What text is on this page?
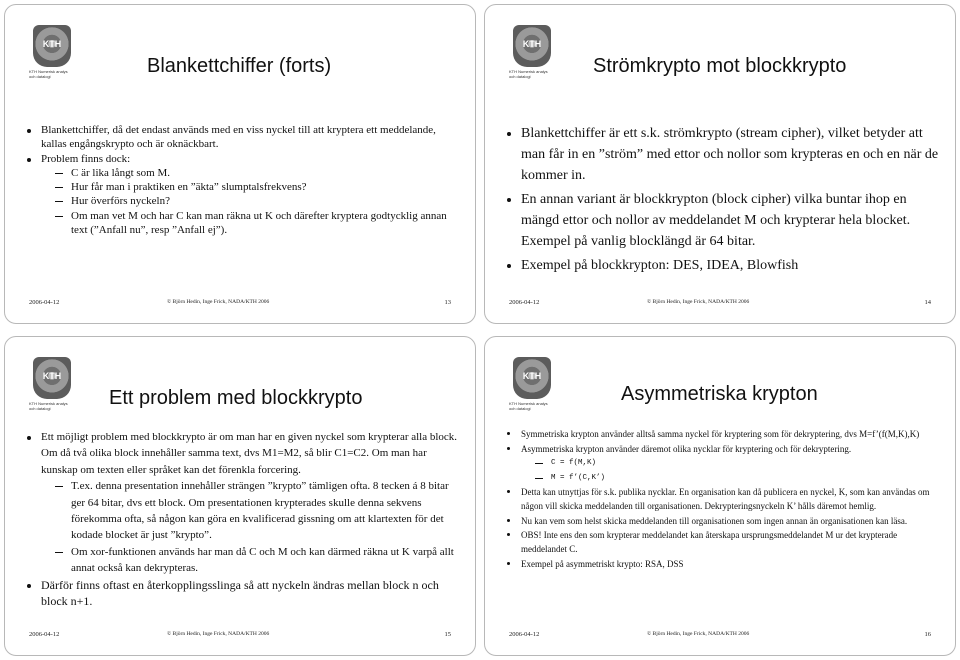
KTH
KTH Numerisk analys
och datalogi	Blankettchiffer (forts)
Blankettchiffer, då det endast används med en viss nyckel till att kryptera ett meddelande, kallas engångskrypto och är oknäckbart.
Problem finns dock:
C är lika långt som M.
Hur får man i praktiken en ”äkta” slumptalsfrekvens?
Hur överförs nyckeln?
Om man vet M och har C kan man räkna ut K och därefter kryptera godtycklig annan text (”Anfall nu”, resp ”Anfall ej”).
2006-04-12	© Björn Hedin, Inge Frick, NADA/KTH 2006	13
KTH
KTH Numerisk analys
och datalogi	Strömkrypto mot blockkrypto
Blankettchiffer är ett s.k. strömkrypto (stream cipher), vilket betyder att man får in en ”ström” med ettor och nollor som krypteras en och en när de kommer in.
En annan variant är blockkrypton (block cipher) vilka buntar ihop en mängd ettor och nollor av meddelandet M och krypterar hela blocket. Exempel på vanlig blocklängd är 64 bitar.
Exempel på blockkrypton: DES, IDEA, Blowfish
2006-04-12	© Björn Hedin, Inge Frick, NADA/KTH 2006	14
KTH
KTH Numerisk analys
och datalogi	Ett problem med blockkrypto
Ett möjligt problem med blockkrypto är om man har en given nyckel som krypterar alla block. Om då två olika block innehåller samma text, dvs M1=M2, så blir C1=C2. Om man har kunskap om texten eller språket kan det förenkla forcering.
T.ex. denna presentation innehåller strängen ”krypto” tämligen ofta. 8 tecken á 8 bitar ger 64 bitar, dvs ett block. Om presentationen krypterades skulle denna sekvens förekomma ofta, så någon kan göra en kvalificerad gissning om att klartexten för det kodade blocket är just ”krypto”.
Om xor-funktionen används har man då C och M och kan därmed räkna ut K varpå allt annat också kan dekrypteras.
Därför finns oftast en återkopplingsslinga så att nyckeln ändras mellan block n och block n+1.
2006-04-12	© Björn Hedin, Inge Frick, NADA/KTH 2006	15
KTH
KTH Numerisk analys
och datalogi
Asymmetriska krypton
Symmetriska krypton använder alltså samma nyckel för kryptering som för dekryptering, dvs M=f’(f(M,K),K)
Asymmetriska krypton använder däremot olika nycklar för kryptering och för dekryptering.
C = f(M,K)
M = f’(C,K’)
Detta kan utnyttjas för s.k. publika nycklar. En organisation kan då publicera en nyckel, K, som kan användas om någon vill skicka meddelanden till organisationen. Dekrypteringsnyckeln K’ hålls däremot hemlig.
Nu kan vem som helst skicka meddelanden till organisationen som ingen annan än organisationen kan läsa.
OBS! Inte ens den som krypterar meddelandet kan återskapa ursprungsmeddelandet M ur det krypterade meddelandet C.
Exempel på asymmetriskt krypto: RSA, DSS
2006-04-12	© Björn Hedin, Inge Frick, NADA/KTH 2006	16
